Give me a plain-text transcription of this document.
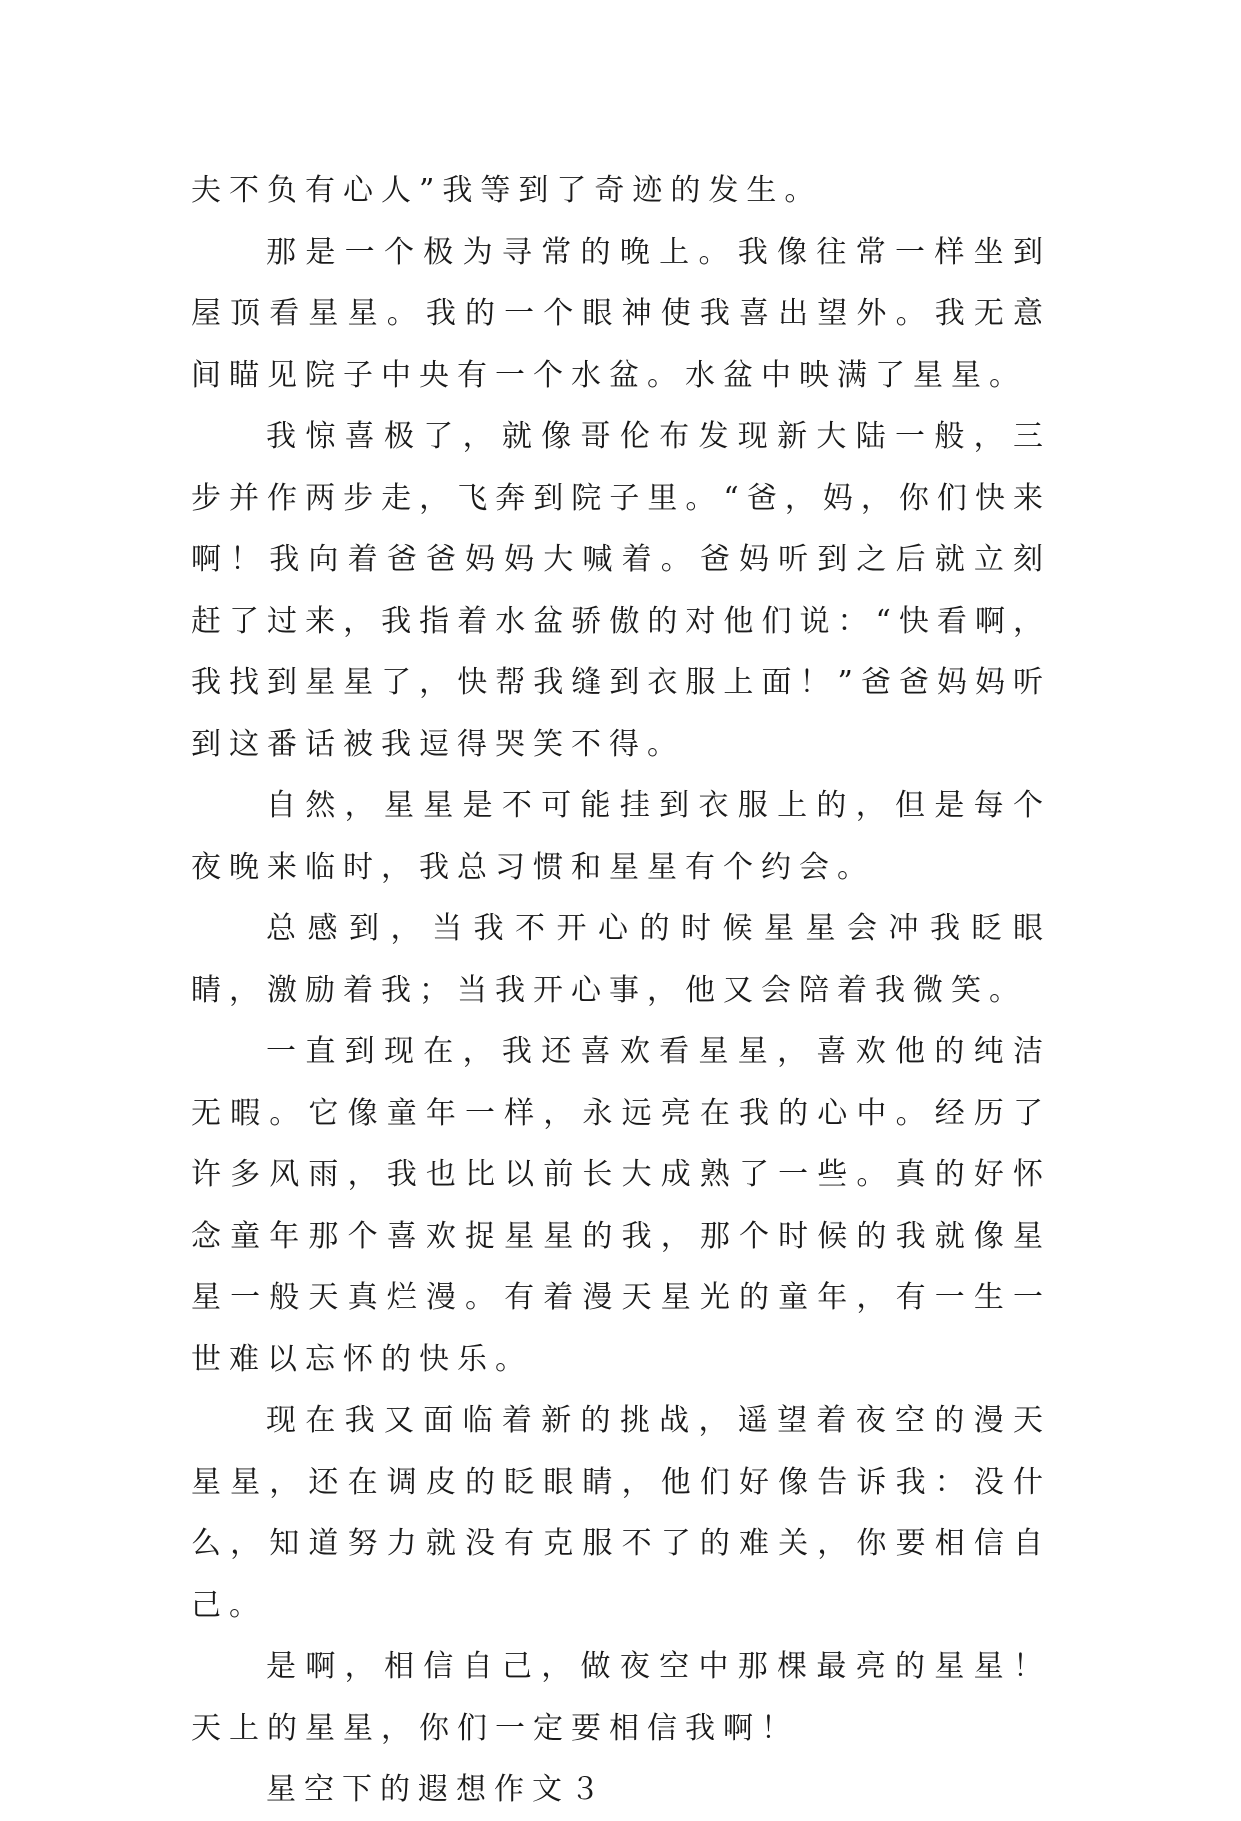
夫不负有心人”我等到了奇迹的发生。

那是一个极为寻常的晚上。我像往常一样坐到屋顶看星星。我的一个眼神使我喜出望外。我无意间瞄见院子中央有一个水盆。水盆中映满了星星。

我惊喜极了，就像哥伦布发现新大陆一般，三步并作两步走，飞奔到院子里。“爸，妈，你们快来啊！我向着爸爸妈妈大喊着。爸妈听到之后就立刻赶了过来，我指着水盆骄傲的对他们说：“快看啊，我找到星星了，快帮我缝到衣服上面！”爸爸妈妈听到这番话被我逗得哭笑不得。

自然，星星是不可能挂到衣服上的，但是每个夜晚来临时，我总习惯和星星有个约会。

总感到，当我不开心的时候星星会冲我眨眼睛，激励着我；当我开心事，他又会陪着我微笑。

一直到现在，我还喜欢看星星，喜欢他的纯洁无暇。它像童年一样，永远亮在我的心中。经历了许多风雨，我也比以前长大成熟了一些。真的好怀念童年那个喜欢捉星星的我，那个时候的我就像星星一般天真烂漫。有着漫天星光的童年，有一生一世难以忘怀的快乐。

现在我又面临着新的挑战，遥望着夜空的漫天星星，还在调皮的眨眼睛，他们好像告诉我：没什么，知道努力就没有克服不了的难关，你要相信自己。

是啊，相信自己，做夜空中那棵最亮的星星！天上的星星，你们一定要相信我啊！

星空下的遐想作文３
